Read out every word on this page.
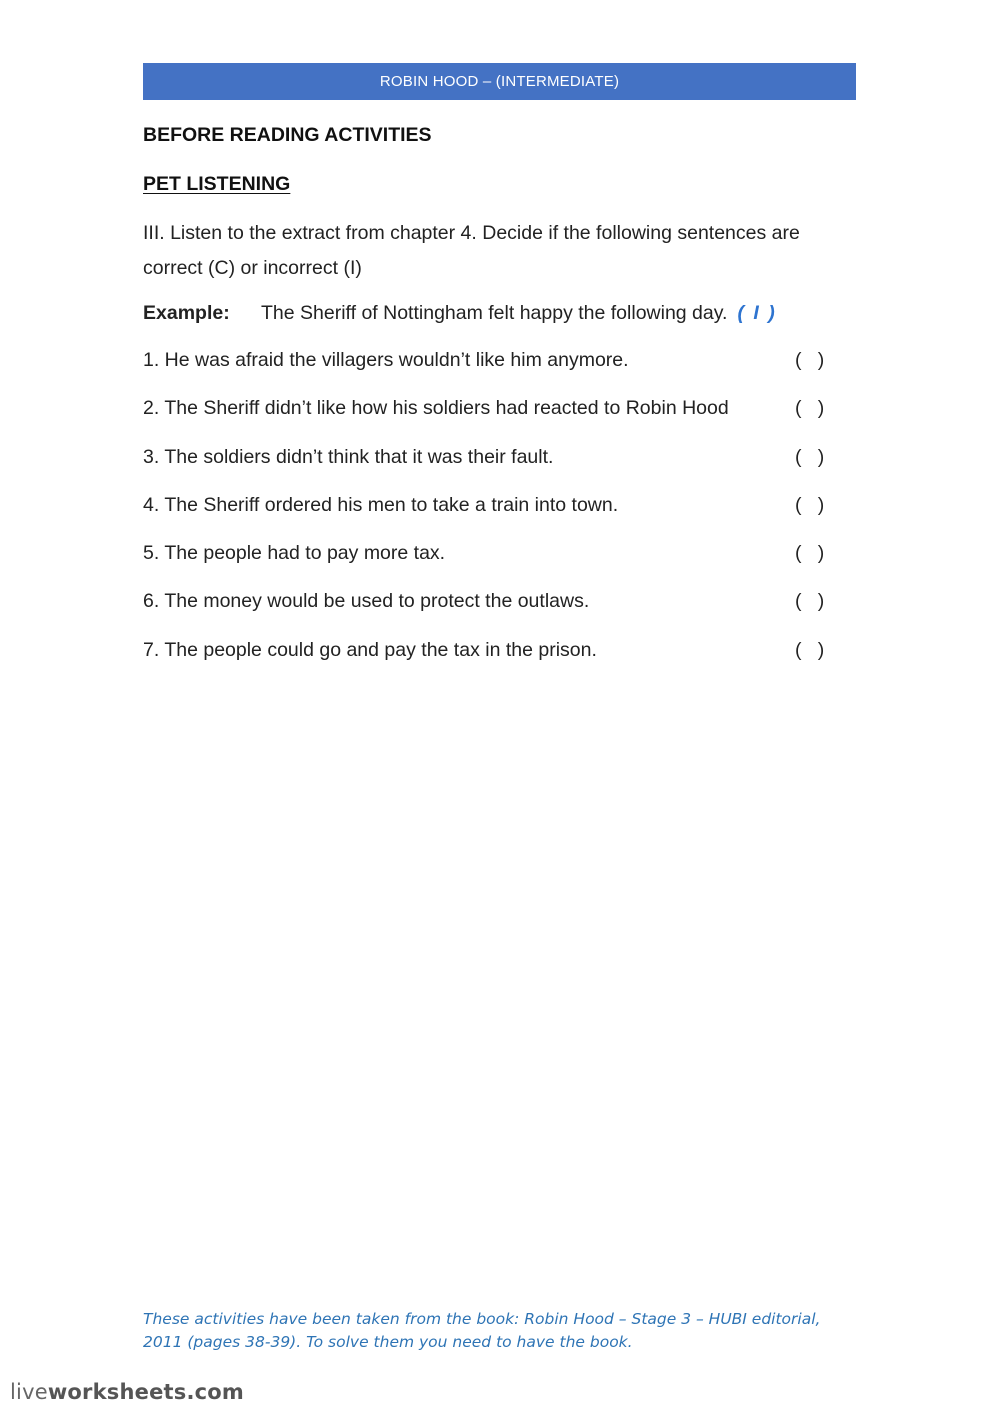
ROBIN HOOD – (INTERMEDIATE)
BEFORE READING ACTIVITIES
PET LISTENING
III. Listen to the extract from chapter 4. Decide if the following sentences are correct (C) or incorrect (I)
Example: The Sheriff of Nottingham felt happy the following day. ( I )
1. He was afraid the villagers wouldn’t like him anymore.	(   )
2. The Sheriff didn’t like how his soldiers had reacted to Robin Hood	(   )
3. The soldiers didn’t think that it was their fault.	(   )
4. The Sheriff ordered his men to take a train into town.	(   )
5. The people had to pay more tax.	(   )
6. The money would be used to protect the outlaws.	(   )
7. The people could go and pay the tax in the prison.	(   )
These activities have been taken from the book: Robin Hood – Stage 3 – HUBI editorial, 2011 (pages 38-39). To solve them you need to have the book.
liveworksheets.com
